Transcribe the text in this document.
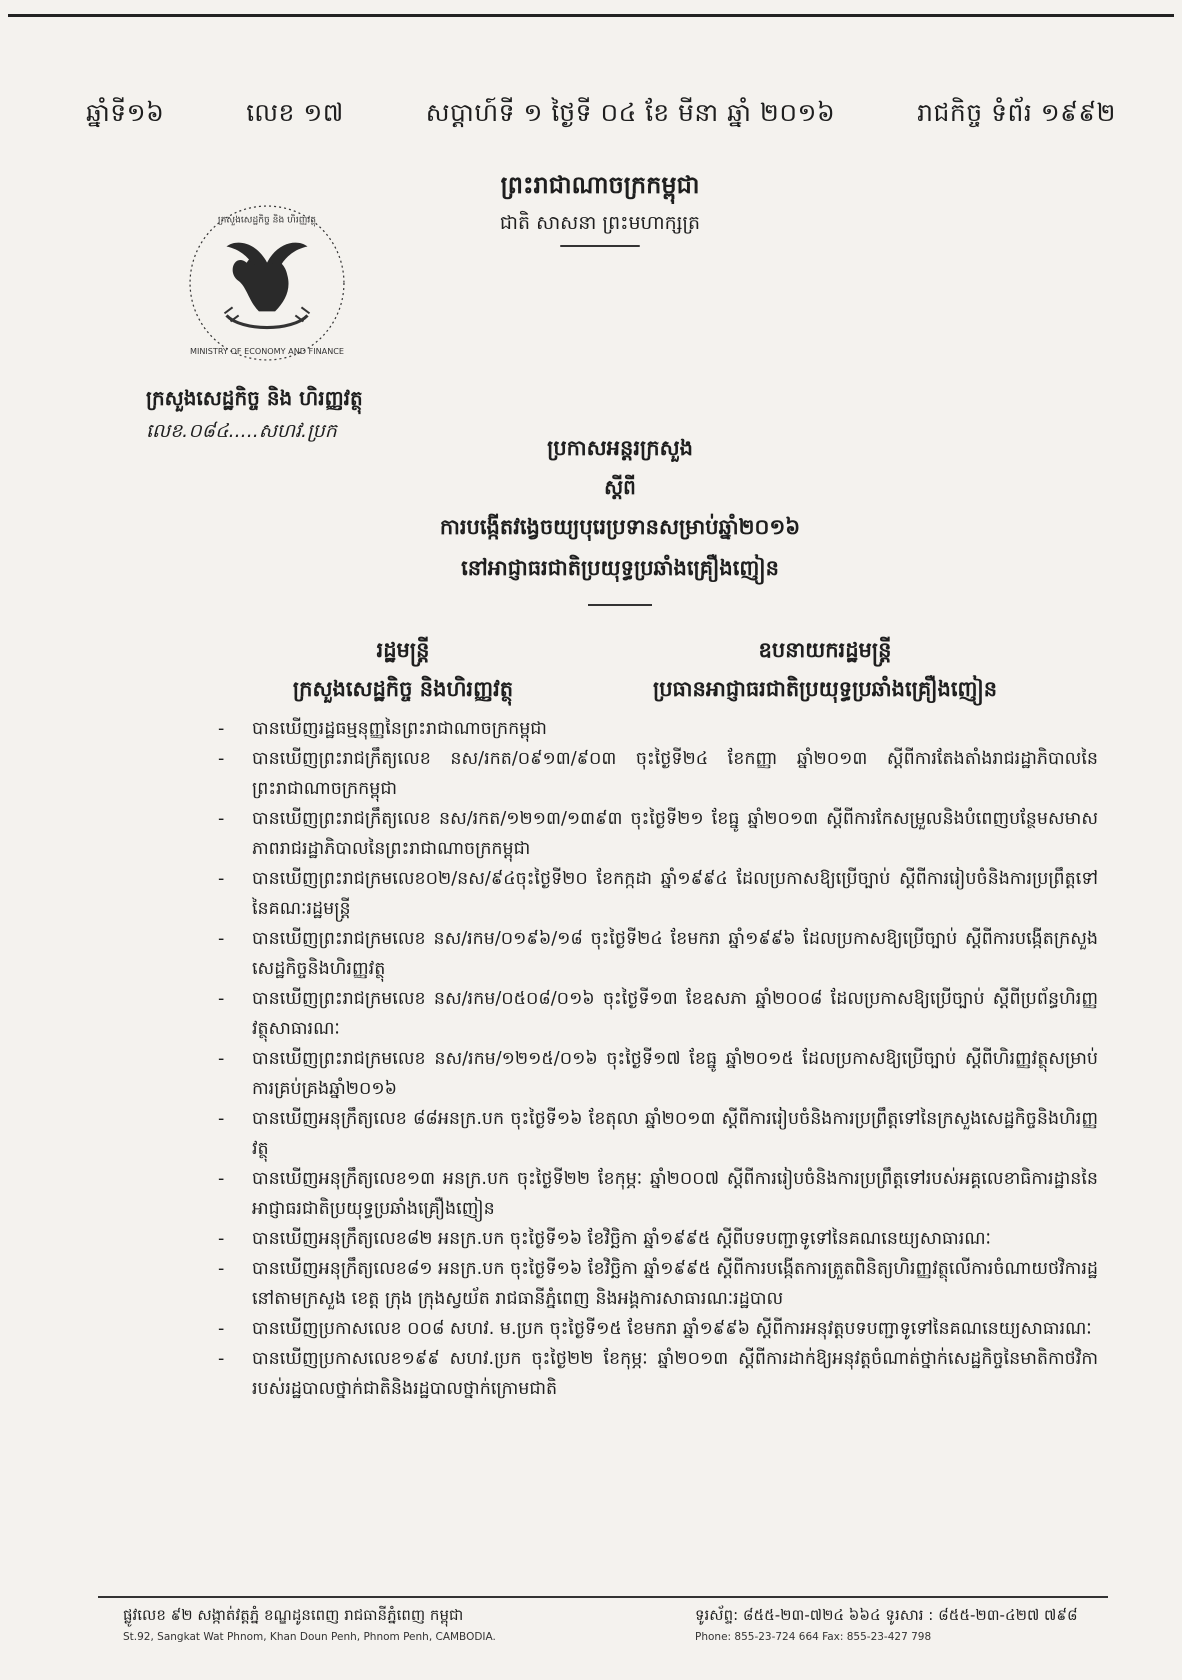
ឆ្នាំទី១៦	លេខ ១៧	សប្តាហ៍ទី ១ ថ្ងៃទី ០៤ ខែ មីនា ឆ្នាំ ២០១៦	រាជកិច្ច ទំព័រ ១៩៩២
ព្រះរាជាណាចក្រកម្ពុជា
ជាតិ សាសនា ព្រះមហាក្សត្រ
MINISTRY OF ECONOMY AND FINANCE
ក្រសួងសេដ្ឋកិច្ច និង ហិរញ្ញវត្ថុ
ក្រសួងសេដ្ឋកិច្ច និង ហិរញ្ញវត្ថុ
លេខ.០៨៤.....សហវ.ប្រក
ប្រកាសអន្តរក្រសួង
ស្តីពី
ការបង្កើតវង្វេចយ្យបុរេប្រទានសម្រាប់ឆ្នាំ២០១៦
នៅអាជ្ញាធរជាតិប្រយុទ្ធប្រឆាំងគ្រឿងញៀន
រដ្ឋមន្ត្រី
ក្រសួងសេដ្ឋកិច្ច និងហិរញ្ញវត្ថុ
ឧបនាយករដ្ឋមន្ត្រី
ប្រធានអាជ្ញាធរជាតិប្រយុទ្ធប្រឆាំងគ្រឿងញៀន
- បានឃើញរដ្ឋធម្មនុញ្ញនៃព្រះរាជាណាចក្រកម្ពុជា
- បានឃើញព្រះរាជក្រឹត្យលេខ នស/រកត/០៩១៣/៩០៣ ចុះថ្ងៃទី២៤ ខែកញ្ញា ឆ្នាំ២០១៣ ស្តីពីការតែងតាំងរាជរដ្ឋាភិបាលនៃព្រះរាជាណាចក្រកម្ពុជា
- បានឃើញព្រះរាជក្រឹត្យលេខ នស/រកត/១២១៣/១៣៩៣ ចុះថ្ងៃទី២១ ខែធ្នូ ឆ្នាំ២០១៣ ស្តីពីការកែសម្រួលនិងបំពេញបន្ថែមសមាសភាពរាជរដ្ឋាភិបាលនៃព្រះរាជាណាចក្រកម្ពុជា
- បានឃើញព្រះរាជក្រមលេខ០២/នស/៩៤ចុះថ្ងៃទី២០ ខែកក្កដា ឆ្នាំ១៩៩៤ ដែលប្រកាសឱ្យប្រើច្បាប់ ស្តីពីការរៀបចំនិងការប្រព្រឹត្តទៅនៃគណៈរដ្ឋមន្ត្រី
- បានឃើញព្រះរាជក្រមលេខ នស/រកម/០១៩៦/១៨ ចុះថ្ងៃទី២៤ ខែមករា ឆ្នាំ១៩៩៦ ដែលប្រកាសឱ្យប្រើច្បាប់ ស្តីពីការបង្កើតក្រសួងសេដ្ឋកិច្ចនិងហិរញ្ញវត្ថុ
- បានឃើញព្រះរាជក្រមលេខ នស/រកម/០៥០៨/០១៦ ចុះថ្ងៃទី១៣ ខែឧសភា ឆ្នាំ២០០៨ ដែលប្រកាសឱ្យប្រើច្បាប់ ស្តីពីប្រព័ន្ធហិរញ្ញវត្ថុសាធារណៈ
- បានឃើញព្រះរាជក្រមលេខ នស/រកម/១២១៥/០១៦ ចុះថ្ងៃទី១៧ ខែធ្នូ ឆ្នាំ២០១៥ ដែលប្រកាសឱ្យប្រើច្បាប់ ស្តីពីហិរញ្ញវត្ថុសម្រាប់ការគ្រប់គ្រងឆ្នាំ២០១៦
- បានឃើញអនុក្រឹត្យលេខ ៨៨អនក្រ.បក ចុះថ្ងៃទី១៦ ខែតុលា ឆ្នាំ២០១៣ ស្តីពីការរៀបចំនិងការប្រព្រឹត្តទៅនៃក្រសួងសេដ្ឋកិច្ចនិងហិរញ្ញវត្ថុ
- បានឃើញអនុក្រឹត្យលេខ១៣ អនក្រ.បក ចុះថ្ងៃទី២២ ខែកុម្ភៈ ឆ្នាំ២០០៧ ស្តីពីការរៀបចំនិងការប្រព្រឹត្តទៅរបស់អគ្គលេខាធិការដ្ឋាននៃអាជ្ញាធរជាតិប្រយុទ្ធប្រឆាំងគ្រឿងញៀន
- បានឃើញអនុក្រឹត្យលេខ៨២ អនក្រ.បក ចុះថ្ងៃទី១៦ ខែវិច្ឆិកា ឆ្នាំ១៩៩៥ ស្តីពីបទបញ្ជាទូទៅនៃគណនេយ្យសាធារណៈ
- បានឃើញអនុក្រឹត្យលេខ៨១ អនក្រ.បក ចុះថ្ងៃទី១៦ ខែវិច្ឆិកា ឆ្នាំ១៩៩៥ ស្តីពីការបង្កើតការត្រួតពិនិត្យហិរញ្ញវត្ថុលើការចំណាយថវិការដ្ឋនៅតាមក្រសួង ខេត្ត ក្រុង ក្រុងស្វយ័ត រាជធានីភ្នំពេញ និងអង្គការសាធារណៈរដ្ឋបាល
- បានឃើញប្រកាសលេខ ០០៨ សហវ. ម.ប្រក ចុះថ្ងៃទី១៥ ខែមករា ឆ្នាំ១៩៩៦ ស្តីពីការអនុវត្តបទបញ្ជាទូទៅនៃគណនេយ្យសាធារណៈ
- បានឃើញប្រកាសលេខ១៩៩ សហវ.ប្រក ចុះថ្ងៃ២២ ខែកុម្ភៈ ឆ្នាំ២០១៣ ស្តីពីការដាក់ឱ្យអនុវត្តចំណាត់ថ្នាក់សេដ្ឋកិច្ចនៃមាតិកាថវិការបស់រដ្ឋបាលថ្នាក់ជាតិនិងរដ្ឋបាលថ្នាក់ក្រោមជាតិ
ផ្លូវលេខ ៩២ សង្កាត់វត្តភ្នំ ខណ្ឌដូនពេញ រាជធានីភ្នំពេញ កម្ពុជា
St.92, Sangkat Wat Phnom, Khan Doun Penh, Phnom Penh, CAMBODIA.
ទូរស័ព្ទ: ៨៥៥-២៣-៧២៤ ៦៦៤ ទូរសារ : ៨៥៥-២៣-៤២៧ ៧៩៨
Phone: 855-23-724 664 Fax: 855-23-427 798
